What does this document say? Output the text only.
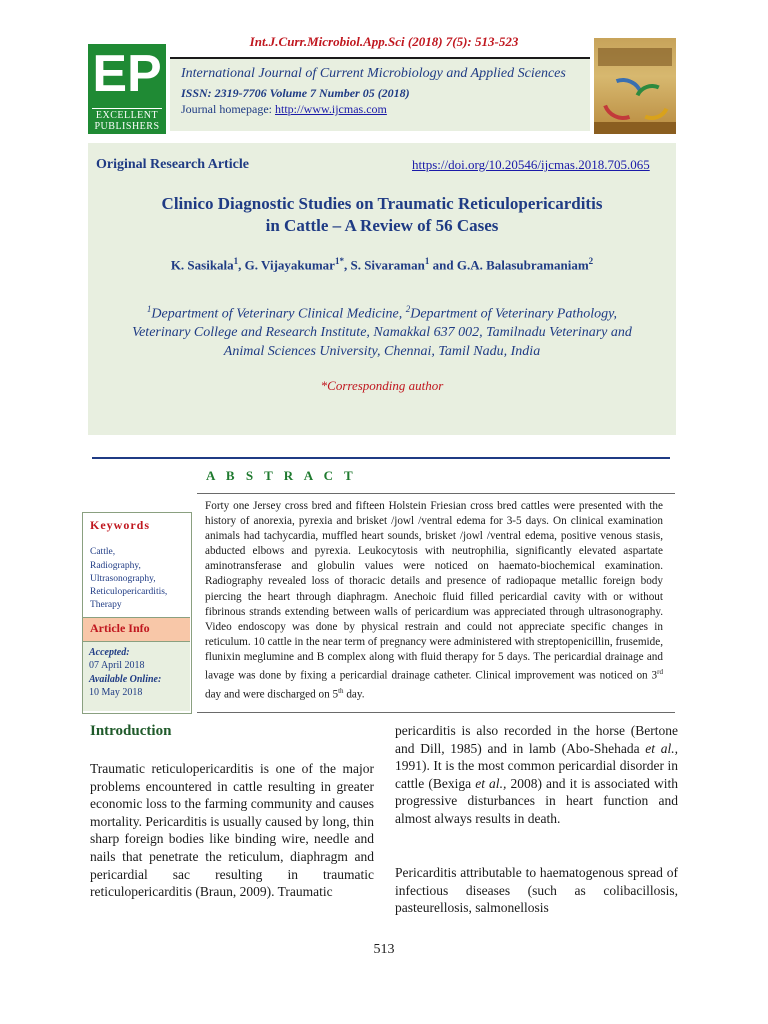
Int.J.Curr.Microbiol.App.Sci (2018) 7(5): 513-523
EP
EXCELLENT
PUBLISHERS
International Journal of Current Microbiology and Applied Sciences
ISSN: 2319-7706 Volume 7 Number 05 (2018)
Journal homepage: http://www.ijcmas.com
Original Research Article	https://doi.org/10.20546/ijcmas.2018.705.065
Clinico Diagnostic Studies on Traumatic Reticulopericarditis
in Cattle – A Review of 56 Cases
K. Sasikala$^1$, G. Vijayakumar$^{1*}$, S. Sivaraman$^1$ and G.A. Balasubramaniam$^2$
$^1$Department of Veterinary Clinical Medicine, $^2$Department of Veterinary Pathology,
Veterinary College and Research Institute, Namakkal 637 002, Tamilnadu Veterinary and
Animal Sciences University, Chennai, Tamil Nadu, India
*Corresponding author
A B S T R A C T
Forty one Jersey cross bred and fifteen Holstein Friesian cross bred cattles were presented with the history of anorexia, pyrexia and brisket /jowl /ventral edema for 3-5 days. On clinical examination animals had tachycardia, muffled heart sounds, brisket /jowl /ventral edema, positive venous stasis, abducted elbows and pyrexia. Leukocytosis with neutrophilia, significantly elevated aspartate aminotransferase and globulin values were noticed on haemato-biochemical examination. Radiography revealed loss of thoracic details and presence of radiopaque metallic foreign body piercing the heart through diaphragm. Anechoic fluid filled pericardial cavity with or without fibrinous strands extending between walls of pericardium was appreciated through ultrasonography. Video endoscopy was done by physical restrain and could not appreciate specific changes in reticulum. 10 cattle in the near term of pregnancy were administered with streptopenicillin, frusemide, flunixin meglumine and B complex along with fluid therapy for 5 days. The pericardial drainage and lavage was done by fixing a pericardial drainage catheter. Clinical improvement was noticed on 3rd day and were discharged on 5th day.
Keywords
Cattle,
Radiography,
Ultrasonography,
Reticulopericarditis,
Therapy
Article Info
Accepted:
07 April 2018
Available Online:
10 May 2018
Introduction
Traumatic reticulopericarditis is one of the major problems encountered in cattle resulting in greater economic loss to the farming community and causes mortality. Pericarditis is usually caused by long, thin sharp foreign bodies like binding wire, needle and nails that penetrate the reticulum, diaphragm and pericardial sac resulting in traumatic reticulopericarditis (Braun, 2009). Traumatic
pericarditis is also recorded in the horse (Bertone and Dill, 1985) and in lamb (Abo-Shehada et al., 1991). It is the most common pericardial disorder in cattle (Bexiga et al., 2008) and it is associated with progressive disturbances in heart function and almost always results in death.
Pericarditis attributable to haematogenous spread of infectious diseases (such as colibacillosis, pasteurellosis, salmonellosis
513
